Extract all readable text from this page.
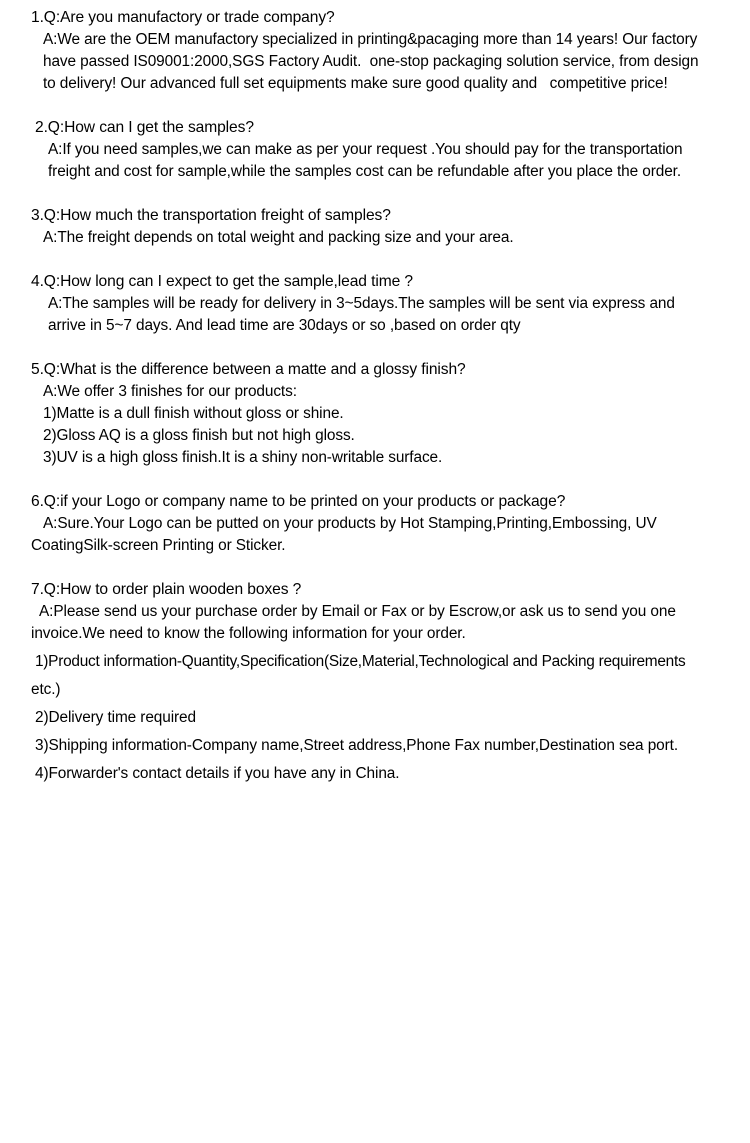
1.Q:Are you manufactory or trade company?
A:We are the OEM manufactory specialized in printing&pacaging more than 14 years! Our factory
have passed IS09001:2000,SGS Factory Audit.  one-stop packaging solution service, from design
to delivery! Our advanced full set equipments make sure good quality and   competitive price!
2.Q:How can I get the samples?
A:If you need samples,we can make as per your request .You should pay for the transportation
freight and cost for sample,while the samples cost can be refundable after you place the order.
3.Q:How much the transportation freight of samples?
A:The freight depends on total weight and packing size and your area.
4.Q:How long can I expect to get the sample,lead time ?
A:The samples will be ready for delivery in 3~5days.The samples will be sent via express and
arrive in 5~7 days. And lead time are 30days or so ,based on order qty
5.Q:What is the difference between a matte and a glossy finish?
A:We offer 3 finishes for our products:
1)Matte is a dull finish without gloss or shine.
2)Gloss AQ is a gloss finish but not high gloss.
3)UV is a high gloss finish.It is a shiny non-writable surface.
6.Q:if your Logo or company name to be printed on your products or package?
A:Sure.Your Logo can be putted on your products by Hot Stamping,Printing,Embossing, UV
CoatingSilk-screen Printing or Sticker.
7.Q:How to order plain wooden boxes ?
A:Please send us your purchase order by Email or Fax or by Escrow,or ask us to send you one
invoice.We need to know the following information for your order.
1)Product information-Quantity,Specification(Size,Material,Technological and Packing requirements
etc.)
2)Delivery time required
3)Shipping information-Company name,Street address,Phone Fax number,Destination sea port.
4)Forwarder's contact details if you have any in China.
